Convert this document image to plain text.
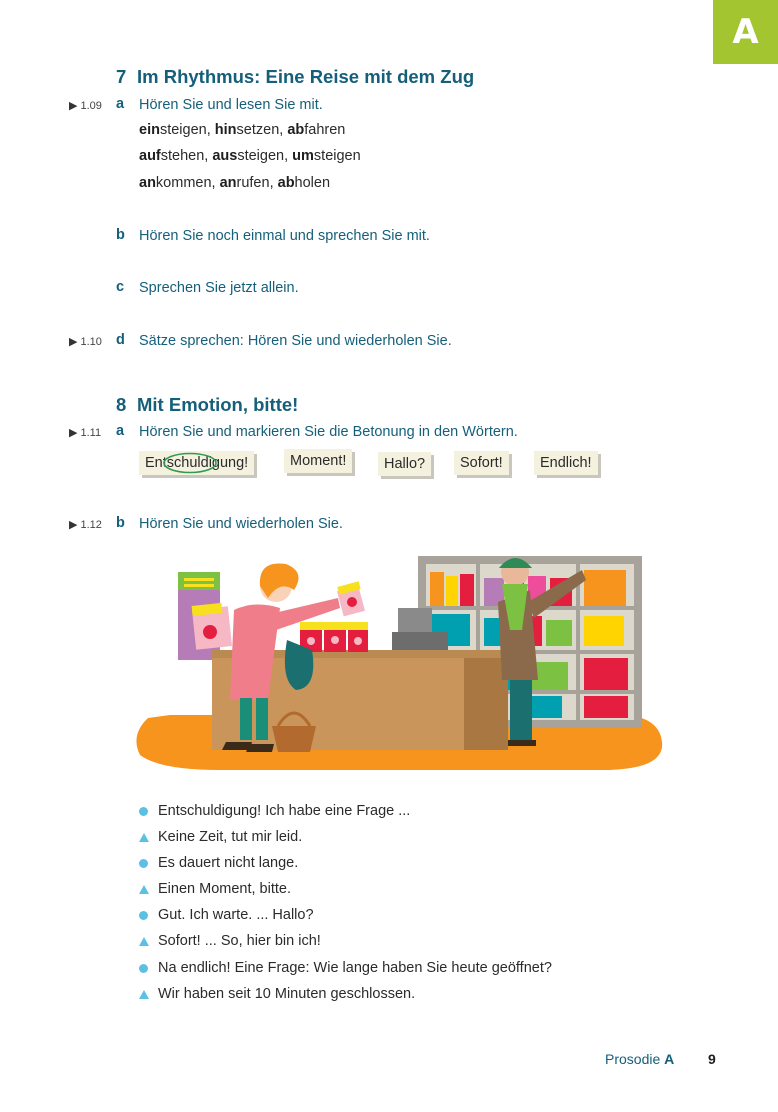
A
7 Im Rhythmus: Eine Reise mit dem Zug
▶ 1.09 a Hören Sie und lesen Sie mit.
einsteigen, hinsetzen, abfahren
aufstehen, aussteigen, umsteigen
ankommen, anrufen, abholen
b Hören Sie noch einmal und sprechen Sie mit.
c Sprechen Sie jetzt allein.
▶ 1.10 d Sätze sprechen: Hören Sie und wiederholen Sie.
8 Mit Emotion, bitte!
▶ 1.11 a Hören Sie und markieren Sie die Betonung in den Wörtern.
Entschuld
igung!	Moment!	Hallo?	Sofort!	Endlich!
▶ 1.12 b Hören Sie und wiederholen Sie.
Entschuldigung! Ich habe eine Frage ...
Keine Zeit, tut mir leid.
Es dauert nicht lange.
Einen Moment, bitte.
Gut. Ich warte. ... Hallo?
Sofort! ... So, hier bin ich!
Na endlich! Eine Frage: Wie lange haben Sie heute geöffnet?
Wir haben seit 10 Minuten geschlossen.
Prosodie A 9
